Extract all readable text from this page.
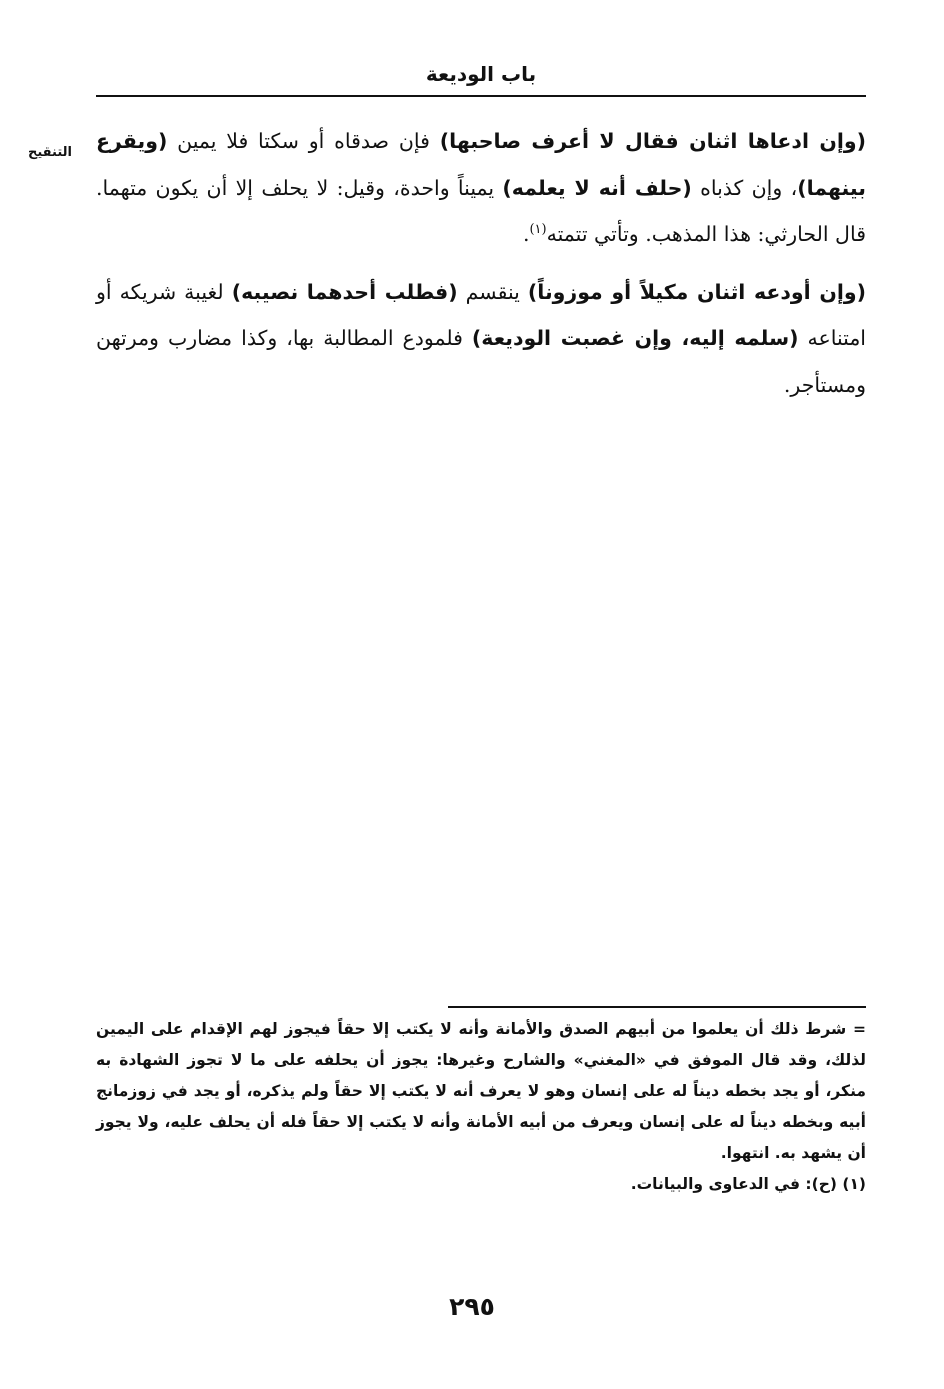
باب الوديعة
التنقيح	(وإن ادعاها اثنان فقال لا أعرف صاحبها) فإن صدقاه أو سكتا فلا يمين (ويقرع بينهما)، وإن كذباه (حلف أنه لا يعلمه) يميناً واحدة، وقيل: لا يحلف إلا أن يكون متهما. قال الحارثي: هذا المذهب. وتأتي تتمته$^{(١)}$.

(وإن أودعه اثنان مكيلاً أو موزوناً) ينقسم (فطلب أحدهما نصيبه) لغيبة شريكه أو امتناعه (سلمه إليه، وإن غصبت الوديعة) فلمودع المطالبة بها، وكذا مضارب ومرتهن ومستأجر.

= شرط ذلك أن يعلموا من أبيهم الصدق والأمانة وأنه لا يكتب إلا حقاً فيجوز لهم الإقدام على اليمين لذلك، وقد قال الموفق في «المغني» والشارح وغيرها: يجوز أن يحلفه على ما لا تجوز الشهادة به منكر، أو يجد بخطه ديناً له على إنسان وهو لا يعرف أنه لا يكتب إلا حقاً ولم يذكره، أو يجد في زوزمانج أبيه وبخطه ديناً له على إنسان ويعرف من أبيه الأمانة وأنه لا يكتب إلا حقاً فله أن يحلف عليه، ولا يجوز أن يشهد به. انتهوا.

(١) (ح): في الدعاوى والبيانات.

٢٩٥
